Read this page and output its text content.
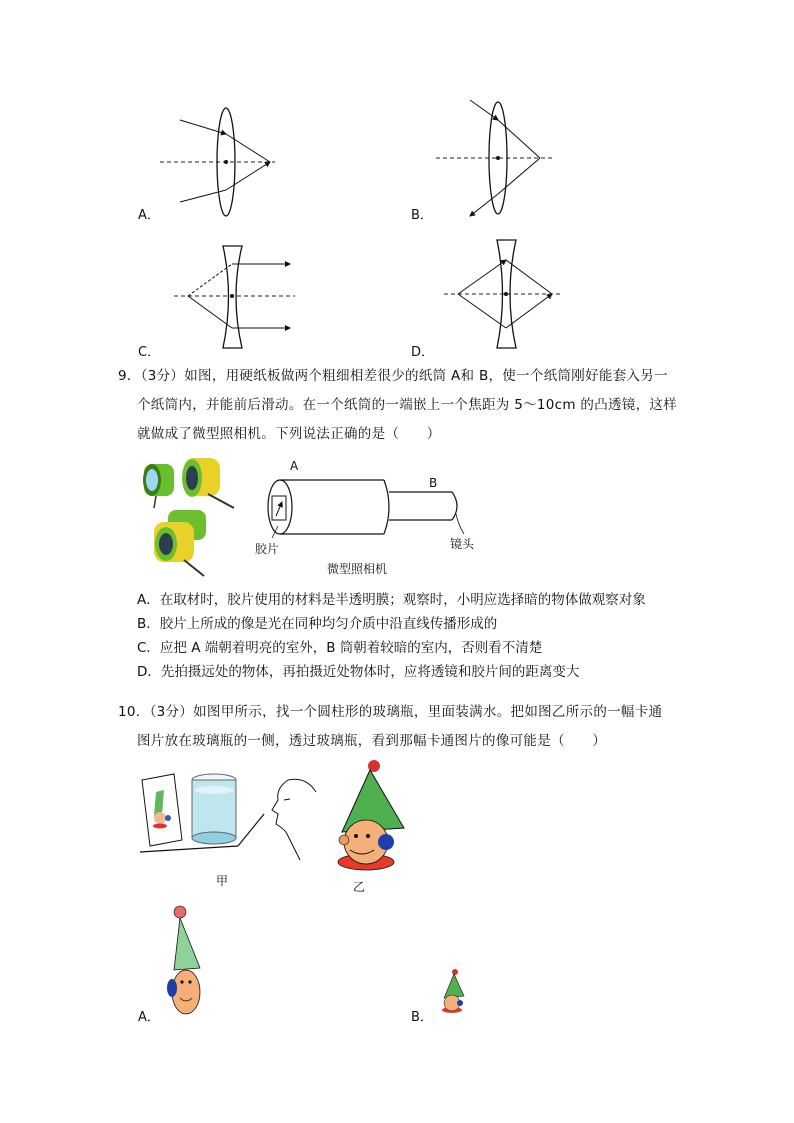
A．	B．
C．	D．
9．（3分）如图，用硬纸板做两个粗细相差很少的纸筒 A和 B，使一个纸筒刚好能套入另一
个纸筒内，并能前后滑动。在一个纸筒的一端嵌上一个焦距为 5～10cm 的凸透镜，这样
就做成了微型照相机。下列说法正确的是（　　）
A
B
胶片	镜头
微型照相机
A．在取材时，胶片使用的材料是半透明膜；观察时，小明应选择暗的物体做观察对象
B．胶片上所成的像是光在同种均匀介质中沿直线传播形成的
C．应把 A 端朝着明亮的室外，B 筒朝着较暗的室内，否则看不清楚
D．先拍摄远处的物体，再拍摄近处物体时，应将透镜和胶片间的距离变大
10．（3分）如图甲所示，找一个圆柱形的玻璃瓶，里面装满水。把如图乙所示的一幅卡通
图片放在玻璃瓶的一侧，透过玻璃瓶，看到那幅卡通图片的像可能是（　　）
甲	乙
A．	B．
